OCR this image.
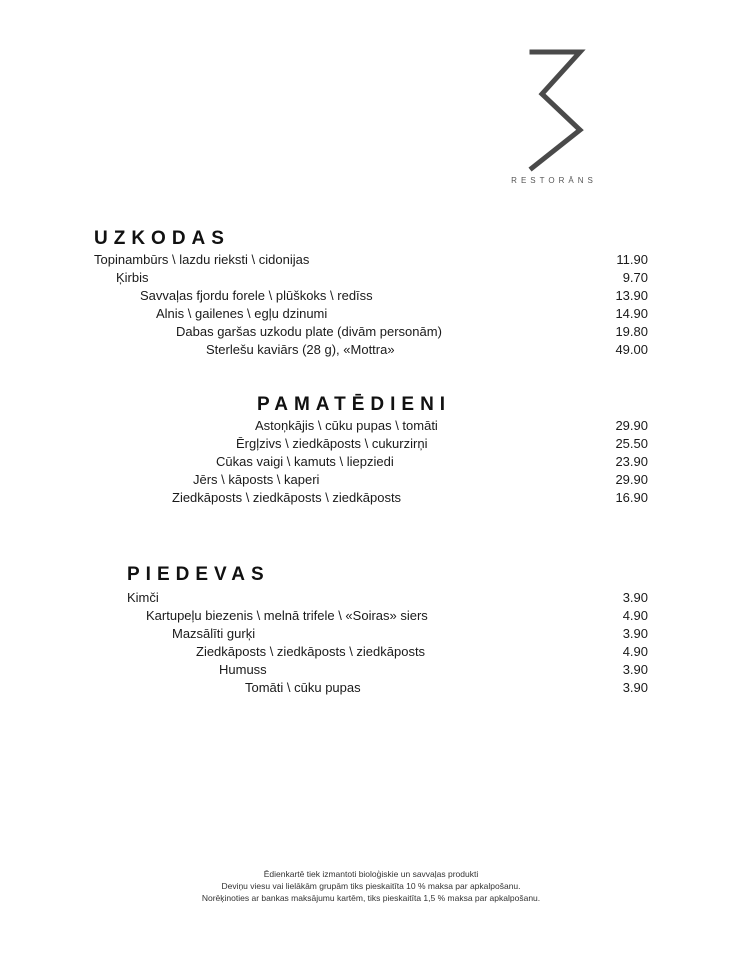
RESTORĀNS
UZKODAS
Topinambūrs \ lazdu rieksti \ cidonijas	11.90
Ķirbis	9.70
Savvaļas fjordu forele \ plūškoks \ redīss	13.90
Alnis \ gailenes \ egļu dzinumi	14.90
Dabas garšas uzkodu plate (divām personām)	19.80
Sterlešu kaviārs (28 g), «Mottra»	49.00
PAMATĒDIENI
Astoņkājis \ cūku pupas \ tomāti	29.90
Ērgļzivs \ ziedkāposts \ cukurzirņi	25.50
Cūkas vaigi \ kamuts \ liepziedi	23.90
Jērs \ kāposts \ kaperi	29.90
Ziedkāposts \ ziedkāposts \ ziedkāposts	16.90
PIEDEVAS
Kimči	3.90
Kartupeļu biezenis \ melnā trifele \ «Soiras» siers	4.90
Mazsālīti gurķi	3.90
Ziedkāposts \ ziedkāposts \ ziedkāposts	4.90
Humuss	3.90
Tomāti \ cūku pupas	3.90
Ēdienkartē tiek izmantoti bioloģiskie un savvaļas produkti
Deviņu viesu vai lielākām grupām tiks pieskaitīta 10 % maksa par apkalpošanu.
Norēķinoties ar bankas maksājumu kartēm, tiks pieskaitīta 1,5 % maksa par apkalpošanu.
